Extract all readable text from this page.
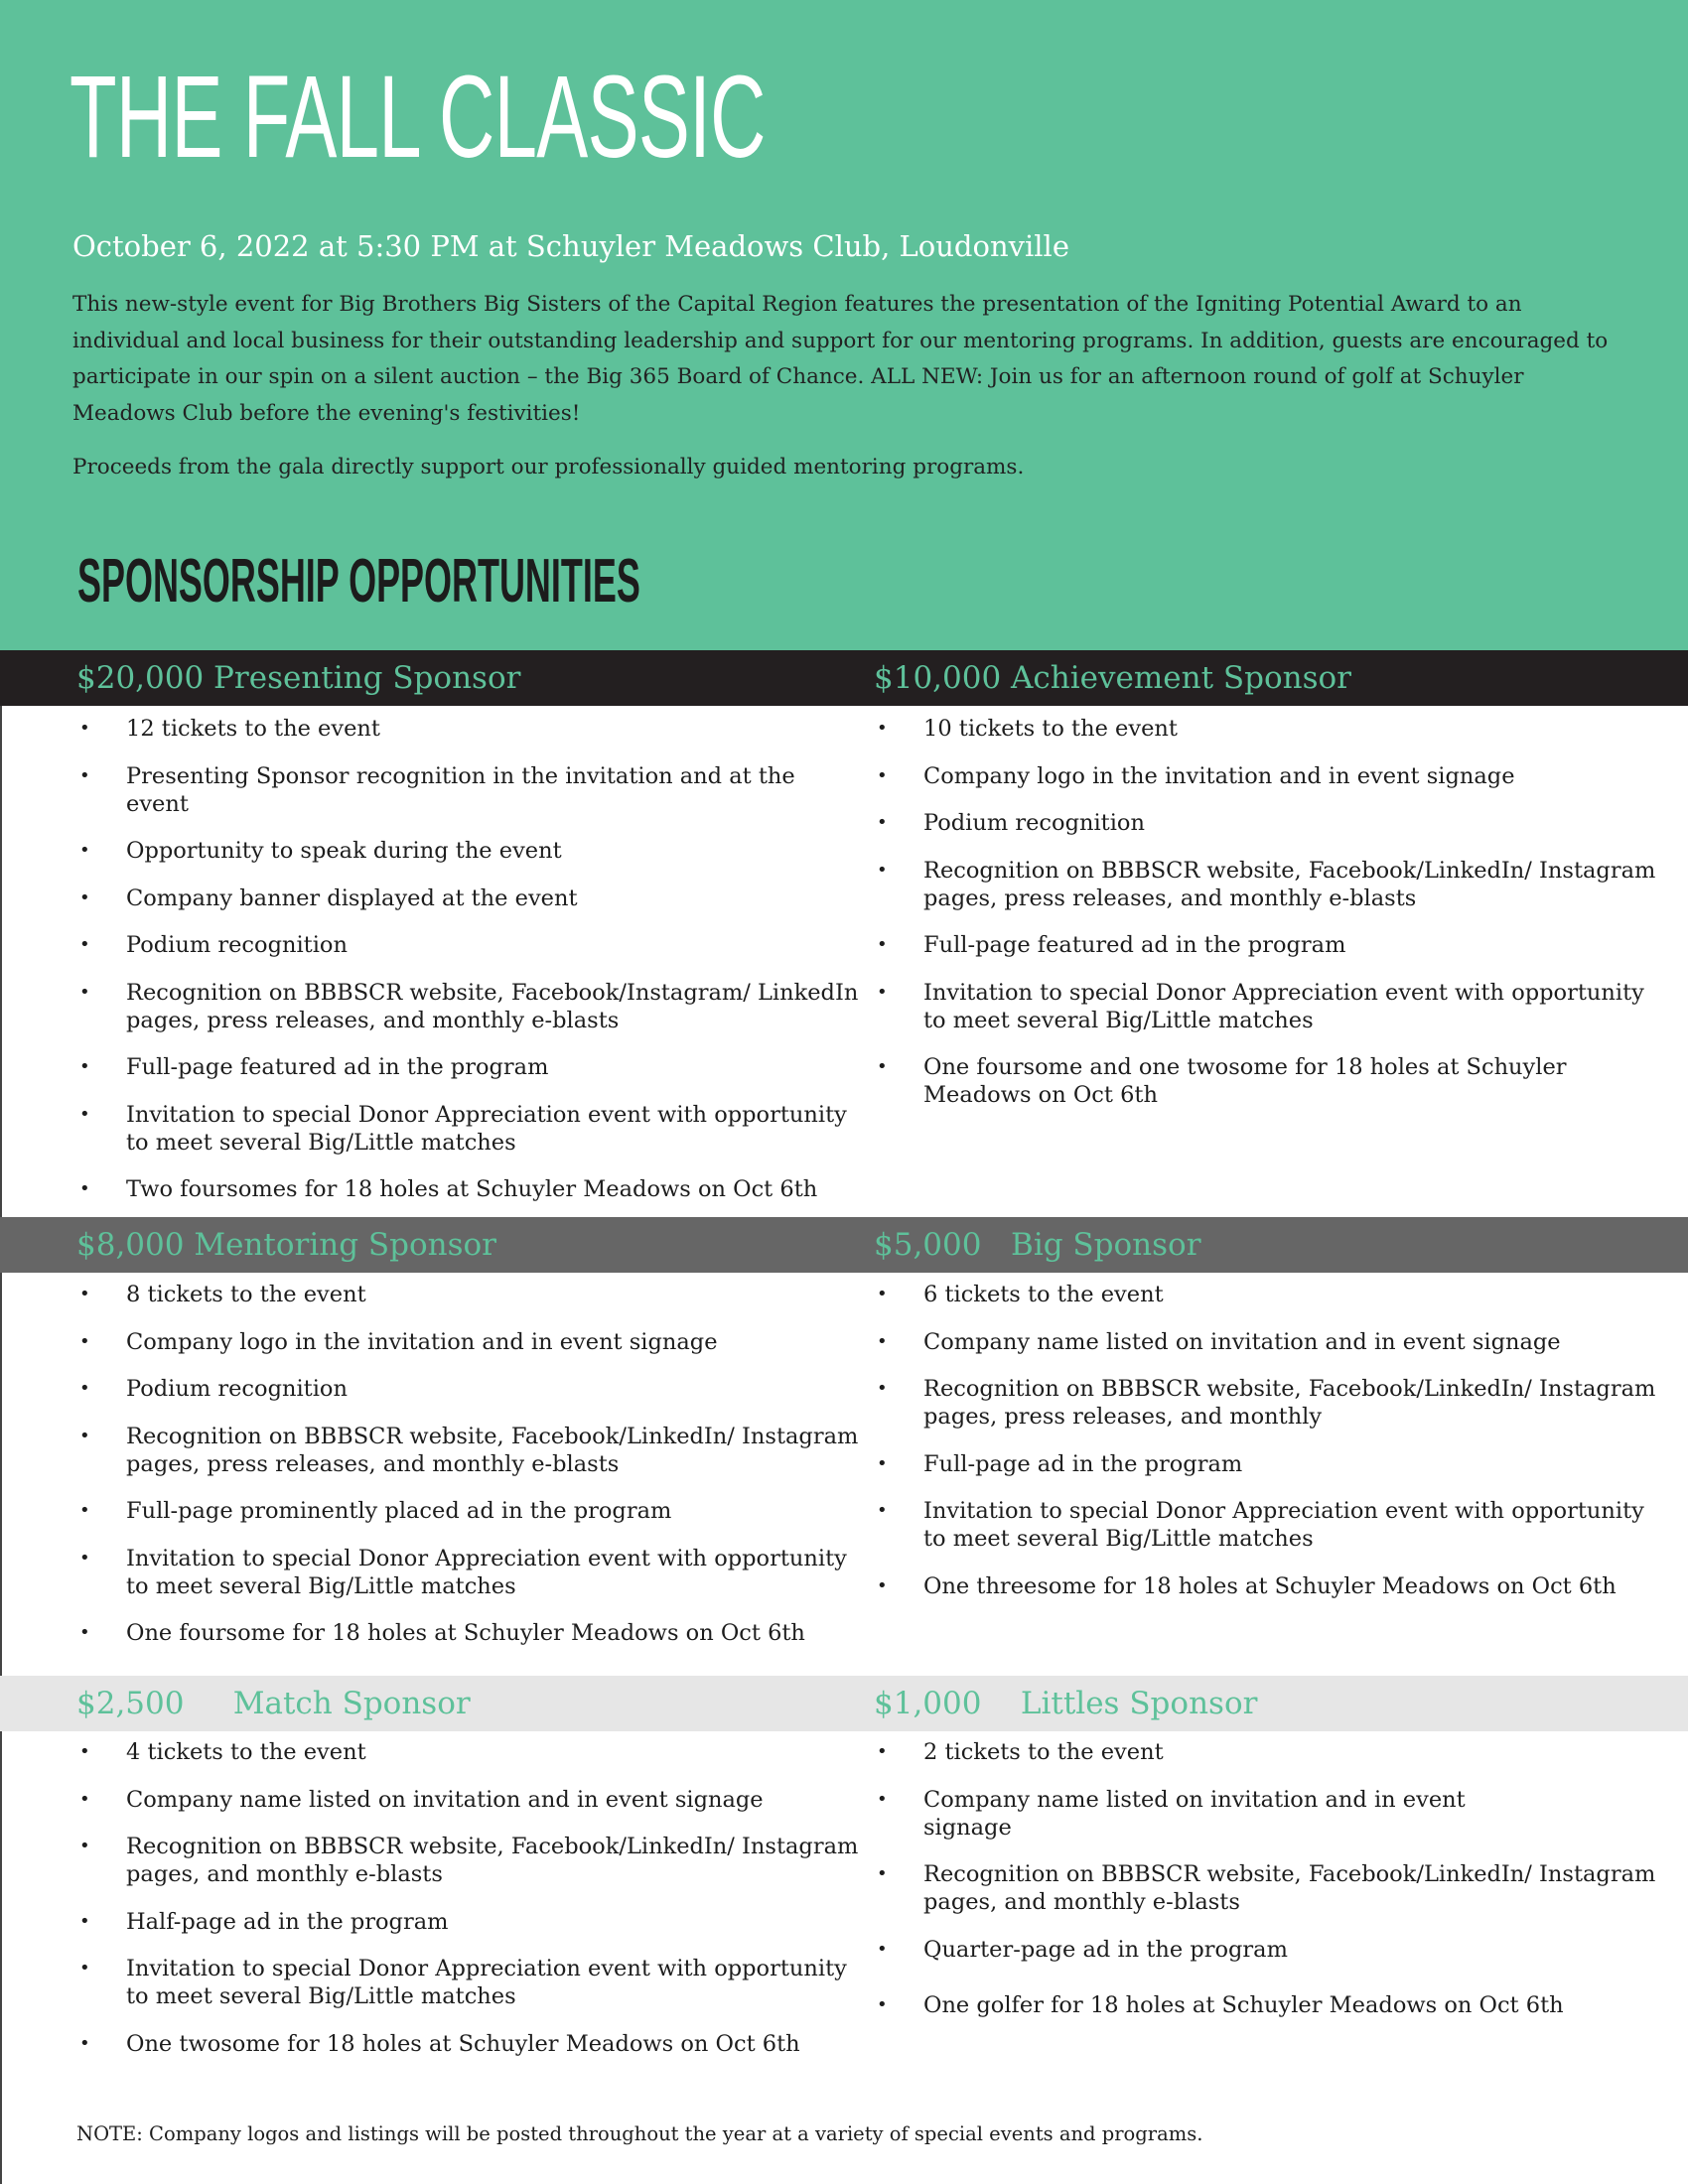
THE FALL CLASSIC
October 6, 2022 at 5:30 PM at Schuyler Meadows Club, Loudonville

This new-style event for Big Brothers Big Sisters of the Capital Region features the presentation of the Igniting Potential Award to an individual and local business for their outstanding leadership and support for our mentoring programs. In addition, guests are encouraged to participate in our spin on a silent auction – the Big 365 Board of Chance. ALL NEW: Join us for an afternoon round of golf at Schuyler Meadows Club before the evening's festivities!

Proceeds from the gala directly support our professionally guided mentoring programs.

SPONSORSHIP OPPORTUNITIES
$20,000 Presenting Sponsor	$10,000 Achievement Sponsor
• 12 tickets to the event
• Presenting Sponsor recognition in the invitation and at the event
• Opportunity to speak during the event
• Company banner displayed at the event
• Podium recognition
• Recognition on BBBSCR website, Facebook/Instagram/ LinkedIn pages, press releases, and monthly e-blasts
• Full-page featured ad in the program
• Invitation to special Donor Appreciation event with opportunity to meet several Big/Little matches
• Two foursomes for 18 holes at Schuyler Meadows on Oct 6th
• 10 tickets to the event
• Company logo in the invitation and in event signage
• Podium recognition
• Recognition on BBBSCR website, Facebook/LinkedIn/ Instagram pages, press releases, and monthly e-blasts
• Full-page featured ad in the program
• Invitation to special Donor Appreciation event with opportunity to meet several Big/Little matches
• One foursome and one twosome for 18 holes at Schuyler Meadows on Oct 6th
$8,000 Mentoring Sponsor	$5,000   Big Sponsor
• 8 tickets to the event
• Company logo in the invitation and in event signage
• Podium recognition
• Recognition on BBBSCR website, Facebook/LinkedIn/ Instagram pages, press releases, and monthly e-blasts
• Full-page prominently placed ad in the program
• Invitation to special Donor Appreciation event with opportunity to meet several Big/Little matches
• One foursome for 18 holes at Schuyler Meadows on Oct 6th
• 6 tickets to the event
• Company name listed on invitation and in event signage
• Recognition on BBBSCR website, Facebook/LinkedIn/ Instagram pages, press releases, and monthly
• Full-page ad in the program
• Invitation to special Donor Appreciation event with opportunity to meet several Big/Little matches
• One threesome for 18 holes at Schuyler Meadows on Oct 6th
$2,500     Match Sponsor	$1,000    Littles Sponsor
• 4 tickets to the event
• Company name listed on invitation and in event signage
• Recognition on BBBSCR website, Facebook/LinkedIn/ Instagram pages, and monthly e-blasts
• Half-page ad in the program
• Invitation to special Donor Appreciation event with opportunity to meet several Big/Little matches
• One twosome for 18 holes at Schuyler Meadows on Oct 6th
• 2 tickets to the event
• Company name listed on invitation and in event signage
• Recognition on BBBSCR website, Facebook/LinkedIn/ Instagram pages, and monthly e-blasts
• Quarter-page ad in the program
• One golfer for 18 holes at Schuyler Meadows on Oct 6th
NOTE: Company logos and listings will be posted throughout the year at a variety of special events and programs.
